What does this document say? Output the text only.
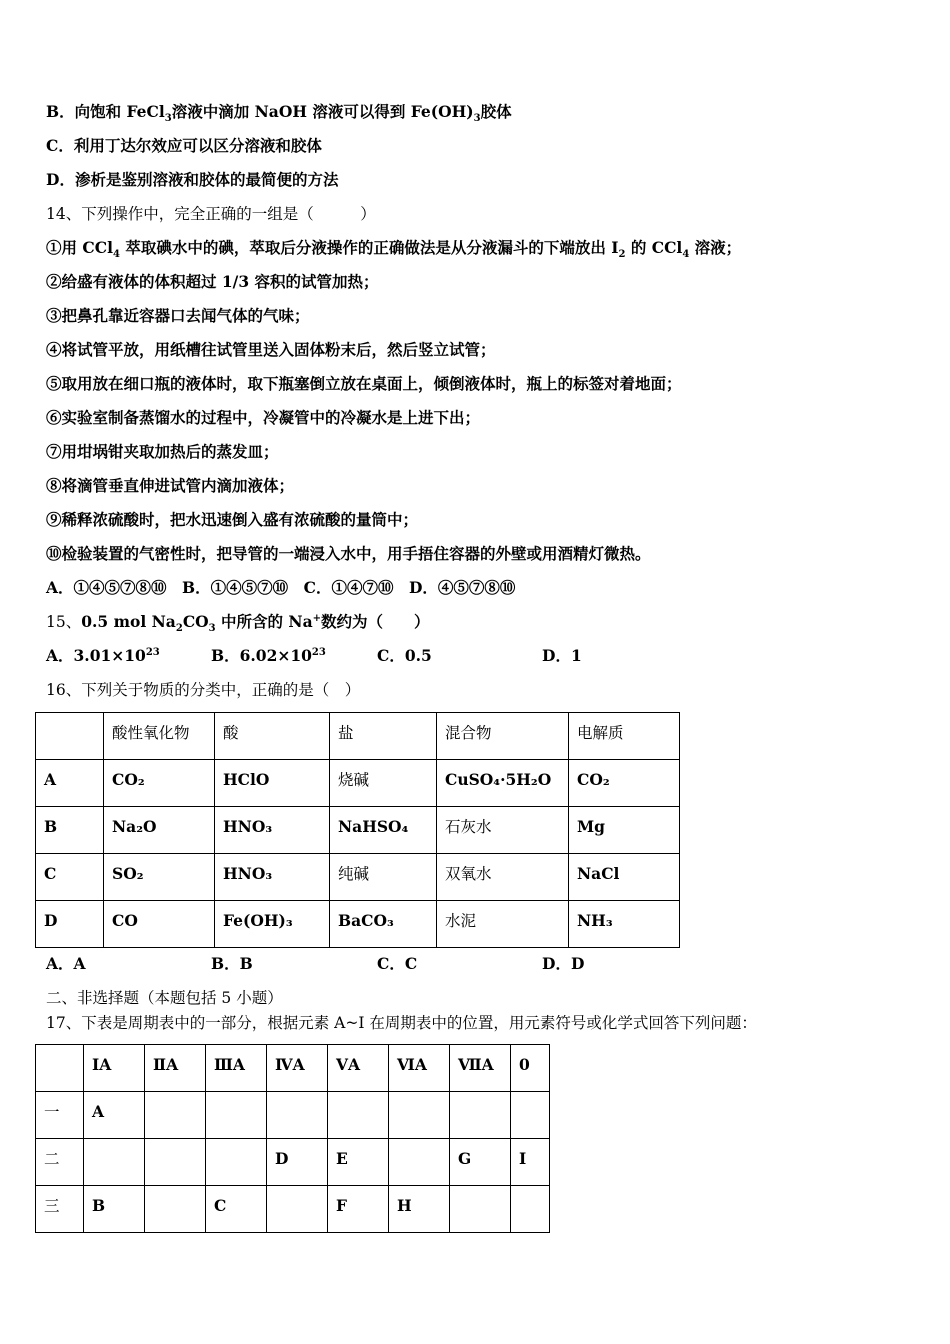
B．向饱和 FeCl$_3$溶液中滴加 NaOH 溶液可以得到 $Fe(OH)_3$胶体
C．利用丁达尔效应可以区分溶液和胶体
D．渗析是鉴别溶液和胶体的最简便的方法
14、下列操作中，完全正确的一组是（　　　）
①用 CCl$_4$ 萃取碘水中的碘，萃取后分液操作的正确做法是从分液漏斗的下端放出 $I_2$ 的 CCl$_4$ 溶液；
②给盛有液体的体积超过 1/3 容积的试管加热；
③把鼻孔靠近容器口去闻气体的气味；
④将试管平放，用纸槽往试管里送入固体粉末后，然后竖立试管；
⑤取用放在细口瓶的液体时，取下瓶塞倒立放在桌面上，倾倒液体时，瓶上的标签对着地面；
⑥实验室制备蒸馏水的过程中，冷凝管中的冷凝水是上进下出；
⑦用坩埚钳夹取加热后的蒸发皿；
⑧将滴管垂直伸进试管内滴加液体；
⑨稀释浓硫酸时，把水迅速倒入盛有浓硫酸的量筒中；
⑩检验装置的气密性时，把导管的一端浸入水中，用手捂住容器的外壁或用酒精灯微热。
A．①④⑤⑦⑧⑩　B．①④⑤⑦⑩　C．①④⑦⑩　D．④⑤⑦⑧⑩
15、0.5 mol $Na_2CO_3$ 中所含的 Na+数约为（　　）
A．$3.01\times 10^{23}$	B．$6.02\times 10^{23}$	C．0.5	D．1
16、下列关于物质的分类中，正确的是（　）

	酸性氧化物	酸	盐	混合物	电解质

A	CO₂	HClO	烧碱	CuSO₄·5H₂O	CO₂

B	Na₂O	HNO₃	NaHSO₄	石灰水	Mg

C	SO₂	HNO₃	纯碱	双氧水	NaCl

D	CO	Fe(OH)₃	BaCO₃	水泥	NH₃
A．A	B．B	C．C	D．D
二、非选择题（本题包括 5 小题）
17、下表是周期表中的一部分，根据元素 A~I 在周期表中的位置，用元素符号或化学式回答下列问题：

	ⅠA	ⅡA	ⅢA	ⅣA	ⅤA	ⅥA	ⅦA	0

一	A							

二				D	E		G	I

三	B		C		F	H		
